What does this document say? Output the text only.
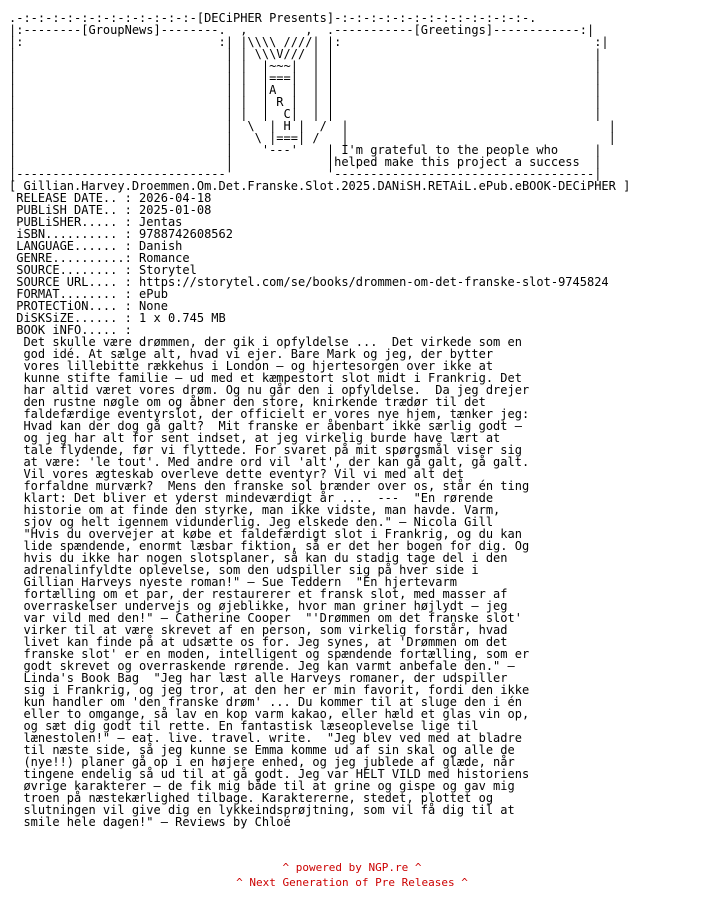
.-:-:-:-:-:-:-:-:-:-:-:-:-[DECiPHER Presents]-:-:-:-:-:-:-:-:-:-:-:-:-:-.
|:--------[GroupNews]--------.  ,        ,  .-----------[Greetings]------------:|
|:                           :| |\\\\ ////| |:                                   :|
|                             | | \\\V/// | |                                    |
|                             | |  |~~~|  | |                                    |
|                             | |  |===|  | |                                    |
|                             | |  |A  |  | |                                    |
|                             | |  | R |  | |                                    |
|                             | |  |  C|  | |                                    |
|                             |  \  | H |  /  |                                    |
|                             |   \ |===| /   |                                    |
|                             |    '---'    | I'm grateful to the people who     |
|                             |             |helped make this project a success  |
|-----------------------------'             '------------------------------------|
[ Gillian.Harvey.Droemmen.Om.Det.Franske.Slot.2025.DANiSH.RETAiL.ePub.eBOOK-DECiPHER ]
RELEASE DATE.. : 2026-04-18
PUBLiSH DATE.. : 2025-01-08
PUBLiSHER..... : Jentas
iSBN.......... : 9788742608562
LANGUAGE...... : Danish
GENRE..........: Romance
SOURCE........ : Storytel
SOURCE URL.... : https://storytel.com/se/books/drommen-om-det-franske-slot-9745824
FORMAT........ : ePub
PROTECTiON.... : None
DiSKSiZE...... : 1 x 0.745 MB
BOOK iNFO..... :
Det skulle være drømmen, der gik i opfyldelse ...  Det virkede som en
god idé. At sælge alt, hvad vi ejer. Bare Mark og jeg, der bytter
vores lillebitte rækkehus i London – og hjertesorgen over ikke at
kunne stifte familie – ud med et kæmpestort slot midt i Frankrig. Det
har altid været vores drøm. Og nu går den i opfyldelse.  Da jeg drejer
den rustne nøgle om og åbner den store, knirkende trædør til det
faldefærdige eventyrslot, der officielt er vores nye hjem, tænker jeg:
Hvad kan der dog gå galt?  Mit franske er åbenbart ikke særlig godt –
og jeg har alt for sent indset, at jeg virkelig burde have lært at
tale flydende, før vi flyttede. For svaret på mit spørgsmål viser sig
at være: 'le tout'. Med andre ord vil 'alt', der kan gå galt, gå galt.
Vil vores ægteskab overleve dette eventyr? Vil vi med alt det
forfaldne murværk?  Mens den franske sol brænder over os, står én ting
klart: Det bliver et yderst mindeværdigt år ...  ---  "En rørende
historie om at finde den styrke, man ikke vidste, man havde. Varm,
sjov og helt igennem vidunderlig. Jeg elskede den." – Nicola Gill
"Hvis du overvejer at købe et faldefærdigt slot i Frankrig, og du kan
lide spændende, enormt læsbar fiktion, så er det her bogen for dig. Og
hvis du ikke har nogen slotsplaner, så kan du stadig tage del i den
adrenalinfyldte oplevelse, som den udspiller sig på hver side i
Gillian Harveys nyeste roman!" – Sue Teddern  "En hjertevarm
fortælling om et par, der restaurerer et fransk slot, med masser af
overraskelser undervejs og øjeblikke, hvor man griner højlydt – jeg
var vild med den!" – Catherine Cooper  "'Drømmen om det franske slot'
virker til at være skrevet af en person, som virkelig forstår, hvad
livet kan finde på at udsætte os for. Jeg synes, at 'Drømmen om det
franske slot' er en moden, intelligent og spændende fortælling, som er
godt skrevet og overraskende rørende. Jeg kan varmt anbefale den." –
Linda's Book Bag  "Jeg har læst alle Harveys romaner, der udspiller
sig i Frankrig, og jeg tror, at den her er min favorit, fordi den ikke
kun handler om 'den franske drøm' ... Du kommer til at sluge den i én
eller to omgange, så lav en kop varm kakao, eller hæld et glas vin op,
og sæt dig godt til rette. En fantastisk læseoplevelse lige til
lænestolen!" – eat. live. travel. write.  "Jeg blev ved med at bladre
til næste side, så jeg kunne se Emma komme ud af sin skal og alle de
(nye!!) planer gå op i en højere enhed, og jeg jublede af glæde, når
tingene endelig så ud til at gå godt. Jeg var HELT VILD med historiens
øvrige karakterer – de fik mig både til at grine og gispe og gav mig
troen på næstekærlighed tilbage. Karaktererne, stedet, plottet og
slutningen vil give dig en lykkeindsprøjtning, som vil få dig til at
smile hele dagen!" – Reviews by Chloé
^ powered by NGP.re ^
^ Next Generation of Pre Releases ^
